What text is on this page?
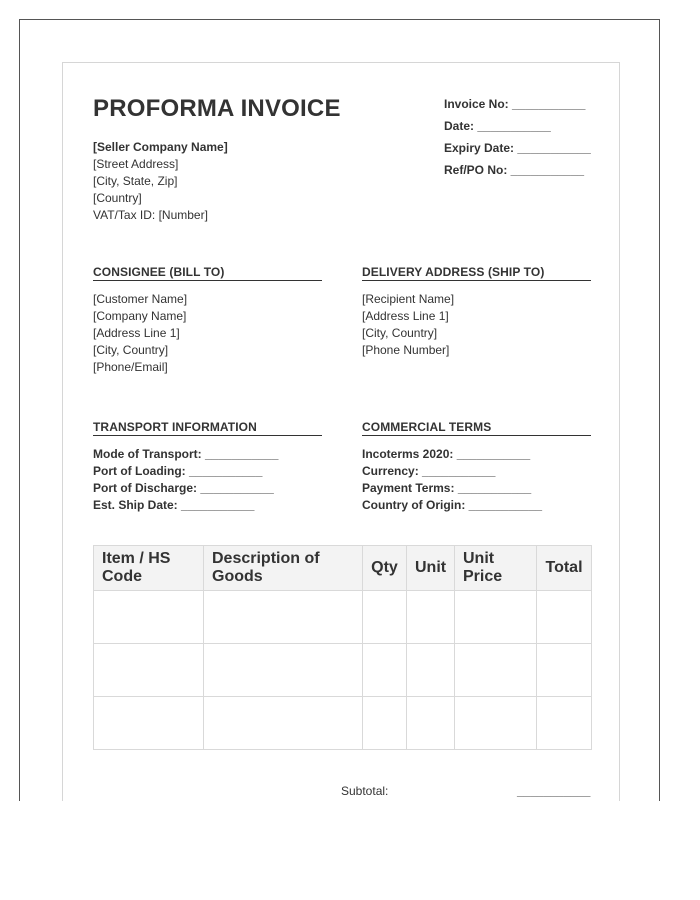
PROFORMA INVOICE
[Seller Company Name]
[Street Address]
[City, State, Zip]
[Country]
VAT/Tax ID: [Number]
Invoice No: ___________
Date: ___________
Expiry Date: ___________
Ref/PO No: ___________
CONSIGNEE (BILL TO)
[Customer Name]
[Company Name]
[Address Line 1]
[City, Country]
[Phone/Email]
DELIVERY ADDRESS (SHIP TO)
[Recipient Name]
[Address Line 1]
[City, Country]
[Phone Number]
TRANSPORT INFORMATION
Mode of Transport: ___________
Port of Loading: ___________
Port of Discharge: ___________
Est. Ship Date: ___________
COMMERCIAL TERMS
Incoterms 2020: ___________
Currency: ___________
Payment Terms: ___________
Country of Origin: ___________
Item / HS Code	Description of Goods	Qty	Unit	Unit Price	Total

Subtotal:	___________
